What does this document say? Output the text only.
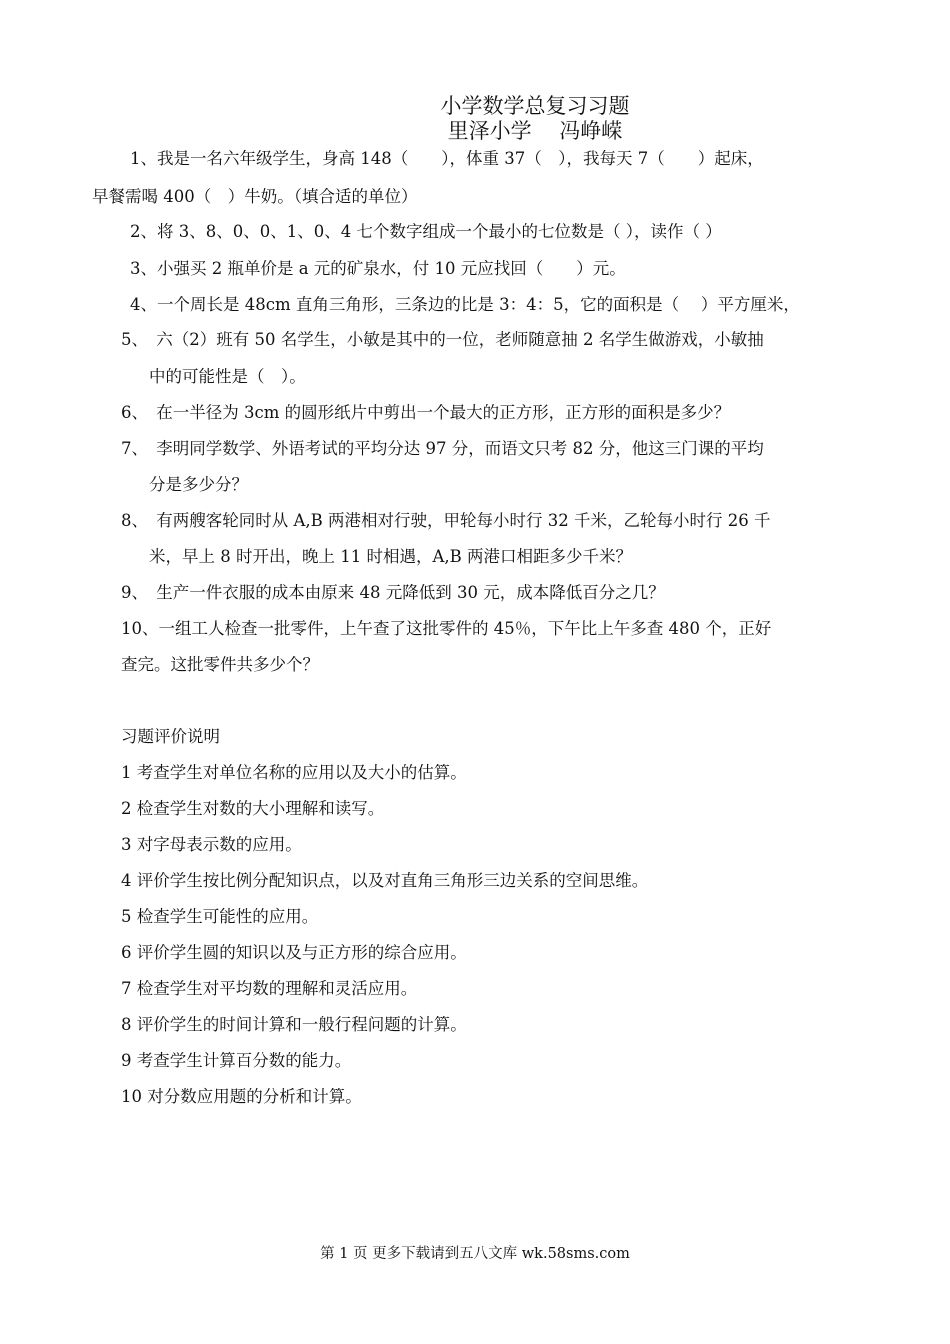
小学数学总复习习题
里泽小学　 冯峥嵘
1、我是一名六年级学生，身高 148（　　），体重 37（　），我每天 7（　　）起床，
早餐需喝 400（　）牛奶。（填合适的单位）
2、将 3、8、0、0、1、0、4 七个数字组成一个最小的七位数是（ ），读作（ ）
3、小强买 2 瓶单价是 a 元的矿泉水，付 10 元应找回（　　）元。
4、一个周长是 48cm 直角三角形，三条边的比是 3：4：5，它的面积是（　 ）平方厘米，
5、　六（2）班有 50 名学生，小敏是其中的一位，老师随意抽 2 名学生做游戏，小敏抽
中的可能性是（　）。
6、　在一半径为 3cm 的圆形纸片中剪出一个最大的正方形，正方形的面积是多少？
7、　李明同学数学、外语考试的平均分达 97 分，而语文只考 82 分，他这三门课的平均
分是多少分？
8、　有两艘客轮同时从 A,B 两港相对行驶，甲轮每小时行 32 千米，乙轮每小时行 26 千
米，早上 8 时开出，晚上 11 时相遇，A,B 两港口相距多少千米？
9、　生产一件衣服的成本由原来 48 元降低到 30 元，成本降低百分之几？
10、一组工人检查一批零件，上午查了这批零件的 45％，下午比上午多查 480 个，正好
查完。这批零件共多少个？
习题评价说明
1 考查学生对单位名称的应用以及大小的估算。
2 检查学生对数的大小理解和读写。
3 对字母表示数的应用。
4 评价学生按比例分配知识点，以及对直角三角形三边关系的空间思维。
5 检查学生可能性的应用。
6 评价学生圆的知识以及与正方形的综合应用。
7 检查学生对平均数的理解和灵活应用。
8 评价学生的时间计算和一般行程问题的计算。
9 考查学生计算百分数的能力。
10 对分数应用题的分析和计算。
第 1 页 更多下载请到五八文库 wk.58sms.com
